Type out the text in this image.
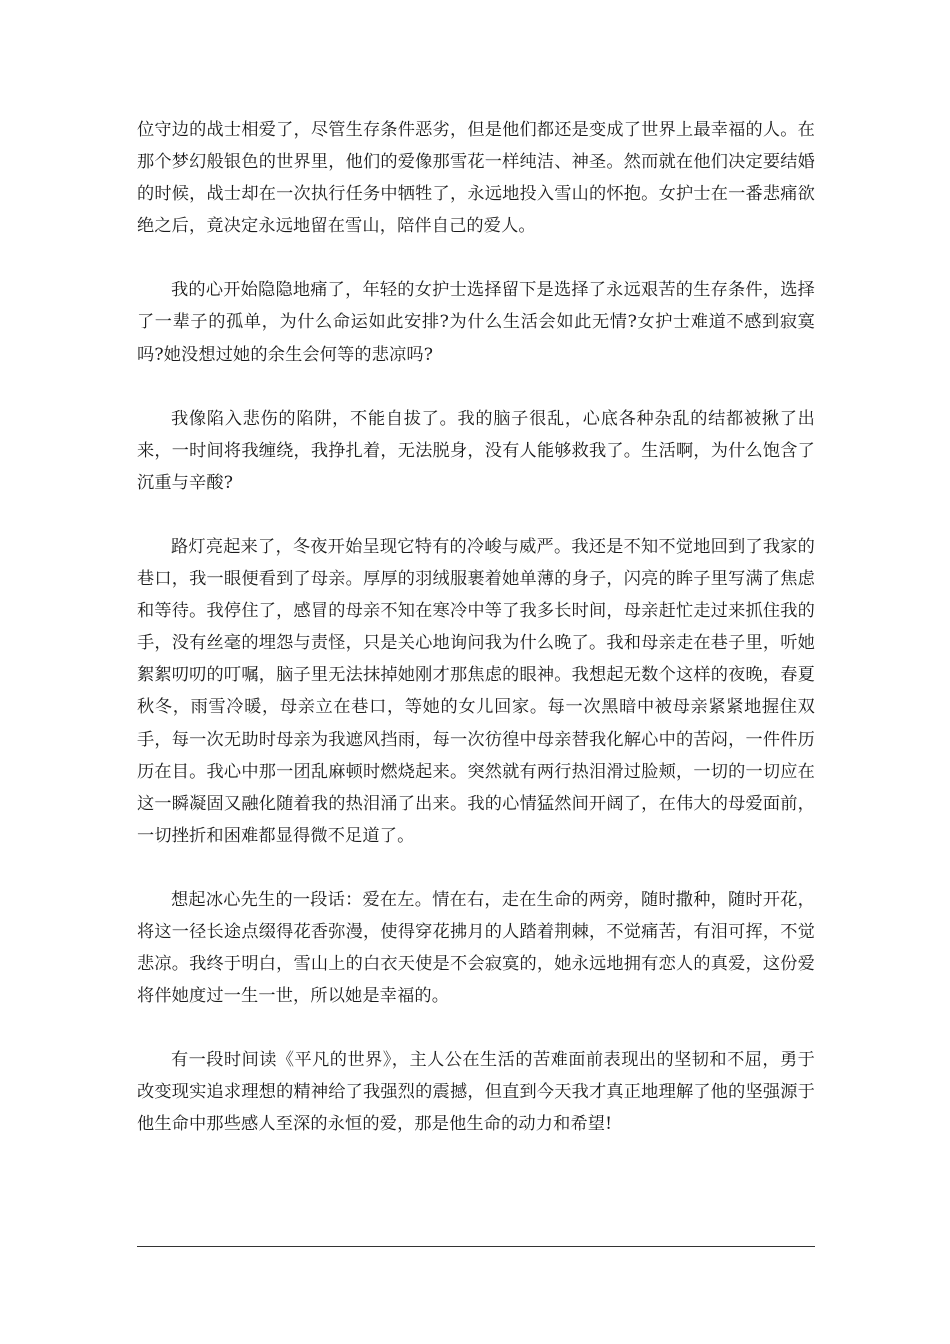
位守边的战士相爱了，尽管生存条件恶劣，但是他们都还是变成了世界上最幸福的人。在那个梦幻般银色的世界里，他们的爱像那雪花一样纯洁、神圣。然而就在他们决定要结婚的时候，战士却在一次执行任务中牺牲了，永远地投入雪山的怀抱。女护士在一番悲痛欲绝之后，竟决定永远地留在雪山，陪伴自己的爱人。

我的心开始隐隐地痛了，年轻的女护士选择留下是选择了永远艰苦的生存条件，选择了一辈子的孤单，为什么命运如此安排?为什么生活会如此无情?女护士难道不感到寂寞吗?她没想过她的余生会何等的悲凉吗?

我像陷入悲伤的陷阱，不能自拔了。我的脑子很乱，心底各种杂乱的结都被揪了出来，一时间将我缠绕，我挣扎着，无法脱身，没有人能够救我了。生活啊，为什么饱含了沉重与辛酸?

路灯亮起来了，冬夜开始呈现它特有的冷峻与威严。我还是不知不觉地回到了我家的巷口，我一眼便看到了母亲。厚厚的羽绒服裹着她单薄的身子，闪亮的眸子里写满了焦虑和等待。我停住了，感冒的母亲不知在寒冷中等了我多长时间，母亲赶忙走过来抓住我的手，没有丝毫的埋怨与责怪，只是关心地询问我为什么晚了。我和母亲走在巷子里，听她絮絮叨叨的叮嘱，脑子里无法抹掉她刚才那焦虑的眼神。我想起无数个这样的夜晚，春夏秋冬，雨雪冷暖，母亲立在巷口，等她的女儿回家。每一次黑暗中被母亲紧紧地握住双手，每一次无助时母亲为我遮风挡雨，每一次彷徨中母亲替我化解心中的苦闷，一件件历历在目。我心中那一团乱麻顿时燃烧起来。突然就有两行热泪滑过脸颊，一切的一切应在这一瞬凝固又融化随着我的热泪涌了出来。我的心情猛然间开阔了，在伟大的母爱面前，一切挫折和困难都显得微不足道了。

想起冰心先生的一段话：爱在左。情在右，走在生命的两旁，随时撒种，随时开花，将这一径长途点缀得花香弥漫，使得穿花拂月的人踏着荆棘，不觉痛苦，有泪可挥，不觉悲凉。我终于明白，雪山上的白衣天使是不会寂寞的，她永远地拥有恋人的真爱，这份爱将伴她度过一生一世，所以她是幸福的。

有一段时间读《平凡的世界》，主人公在生活的苦难面前表现出的坚韧和不屈，勇于改变现实追求理想的精神给了我强烈的震撼，但直到今天我才真正地理解了他的坚强源于他生命中那些感人至深的永恒的爱，那是他生命的动力和希望!
